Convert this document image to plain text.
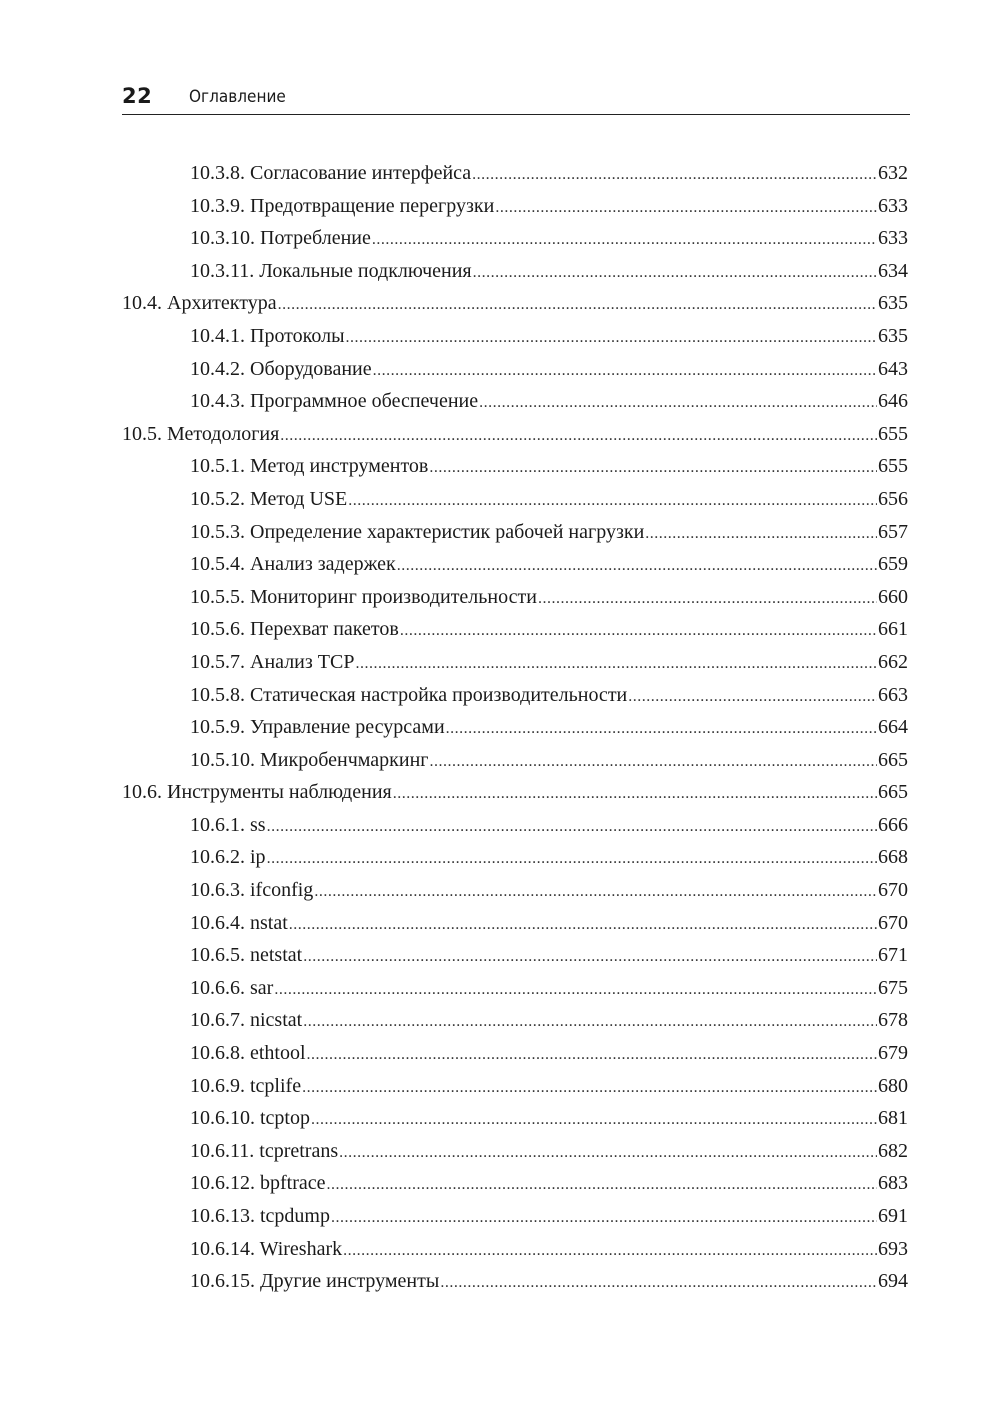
22 Оглавление
10.3.8. Согласование интерфейса .....	632
10.3.9. Предотвращение перегрузки .....	633
10.3.10. Потребление .....	633
10.3.11. Локальные подключения .....	634
10.4. Архитектура .....	635
10.4.1. Протоколы .....	635
10.4.2. Оборудование .....	643
10.4.3. Программное обеспечение .....	646
10.5. Методология .....	655
10.5.1. Метод инструментов .....	655
10.5.2. Метод USE .....	656
10.5.3. Определение характеристик рабочей нагрузки .....	657
10.5.4. Анализ задержек .....	659
10.5.5. Мониторинг производительности .....	660
10.5.6. Перехват пакетов .....	661
10.5.7. Анализ TCP .....	662
10.5.8. Статическая настройка производительности .....	663
10.5.9. Управление ресурсами .....	664
10.5.10. Микробенчмаркинг .....	665
10.6. Инструменты наблюдения .....	665
10.6.1. ss .....	666
10.6.2. ip .....	668
10.6.3. ifconfig .....	670
10.6.4. nstat .....	670
10.6.5. netstat .....	671
10.6.6. sar .....	675
10.6.7. nicstat .....	678
10.6.8. ethtool .....	679
10.6.9. tcplife .....	680
10.6.10. tcptop .....	681
10.6.11. tcpretrans .....	682
10.6.12. bpftrace .....	683
10.6.13. tcpdump .....	691
10.6.14. Wireshark .....	693
10.6.15. Другие инструменты .....	694
